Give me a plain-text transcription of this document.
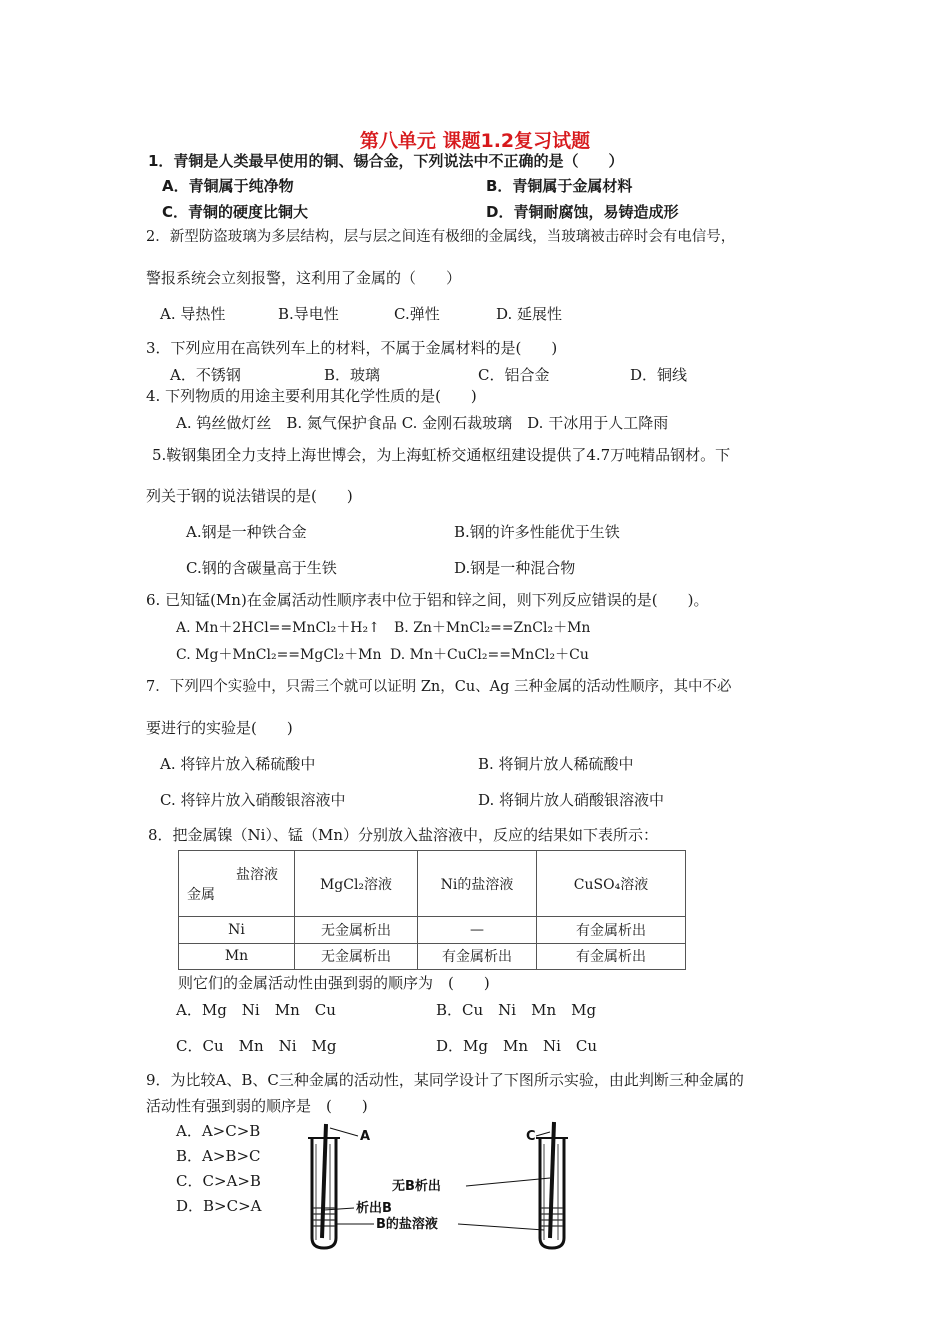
第八单元 课题1.2复习试题
1．青铜是人类最早使用的铜、锡合金，下列说法中不正确的是（　　）
A．青铜属于纯净物	B．青铜属于金属材料
C．青铜的硬度比铜大	D．青铜耐腐蚀，易铸造成形
2．新型防盗玻璃为多层结构，层与层之间连有极细的金属线，当玻璃被击碎时会有电信号，
警报系统会立刻报警，这利用了金属的（　　）
A. 导热性	B.导电性	C.弹性	D. 延展性
3．下列应用在高铁列车上的材料，不属于金属材料的是(　　)
A．不锈钢	B．玻璃	C．铝合金	D．铜线
4. 下列物质的用途主要利用其化学性质的是(　　)
A. 钨丝做灯丝　B. 氮气保护食品 C. 金刚石裁玻璃　D. 干冰用于人工降雨
5.鞍钢集团全力支持上海世博会，为上海虹桥交通枢纽建设提供了4.7万吨精品钢材。下
列关于钢的说法错误的是(　　)
A.钢是一种铁合金	B.钢的许多性能优于生铁
C.钢的含碳量高于生铁	D.钢是一种混合物
6. 已知锰(Mn)在金属活动性顺序表中位于铝和锌之间，则下列反应错误的是(　　)。
A. Mn＋2HCl==MnCl₂＋H₂↑ B. Zn＋MnCl₂==ZnCl₂＋Mn
C. Mg＋MnCl₂==MgCl₂＋Mn D. Mn＋CuCl₂==MnCl₂＋Cu
7．下列四个实验中，只需三个就可以证明 Zn，Cu、Ag 三种金属的活动性顺序，其中不必
要进行的实验是(　　)
A. 将锌片放入稀硫酸中	B. 将铜片放人稀硫酸中
C. 将锌片放入硝酸银溶液中	D. 将铜片放人硝酸银溶液中
8．把金属镍（Ni）、锰（Mn）分别放入盐溶液中，反应的结果如下表所示：
盐溶液
金属	MgCl₂溶液	Ni的盐溶液	CuSO₄溶液
Ni	无金属析出	—	有金属析出
Mn	无金属析出	有金属析出	有金属析出
则它们的金属活动性由强到弱的顺序为　(　　)
A．Mg　Ni　Mn　Cu	B．Cu　Ni　Mn　Mg
C．Cu　Mn　Ni　Mg	D．Mg　Mn　Ni　Cu
9．为比较A、B、C三种金属的活动性，某同学设计了下图所示实验，由此判断三种金属的
活动性有强到弱的顺序是　(　　)
A．A>C>B
B．A>B>C
C．C>A>B
D．B>C>A
A	C
无B析出
析出B
B的盐溶液
